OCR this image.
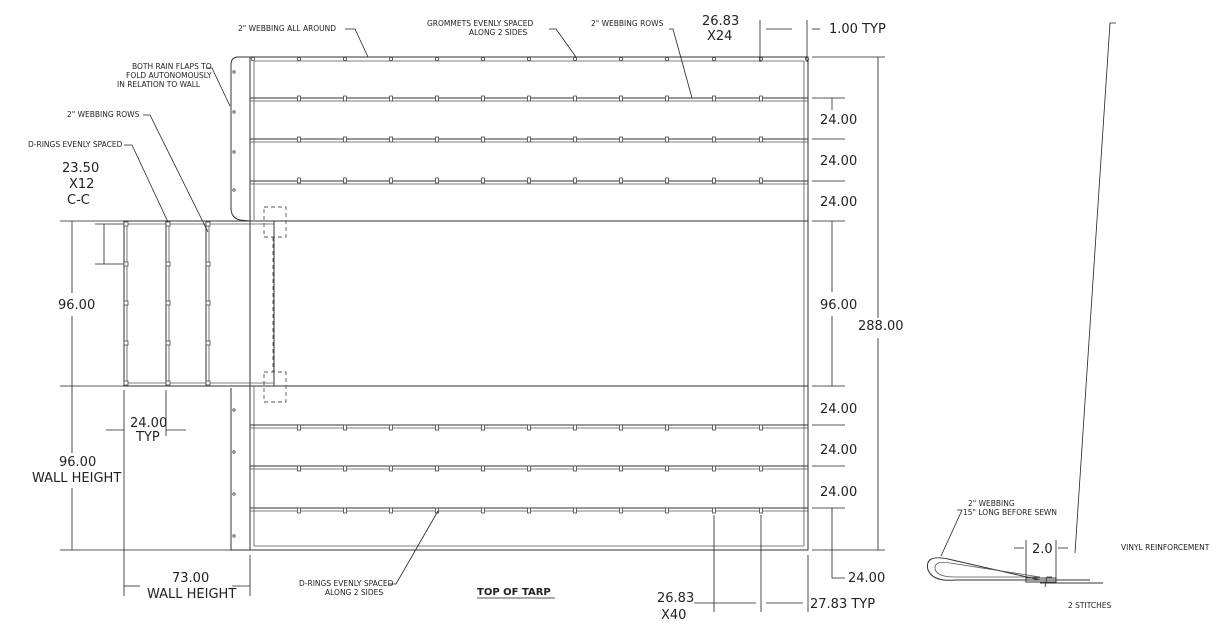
2" WEBBING ALL AROUND
GROMMETS EVENLY SPACED
ALONG 2 SIDES
2" WEBBING ROWS
BOTH RAIN FLAPS TO
FOLD AUTONOMOUSLY
IN RELATION TO WALL
2" WEBBING ROWS
D-RINGS EVENLY SPACED
D-RINGS EVENLY SPACED
ALONG 2 SIDES	TOP OF TARP
26.83
X24	1.00 TYP
23.50
X12
C-C
96.00
24.00
TYP
96.00
WALL HEIGHT
73.00
WALL HEIGHT
24.00
24.00
24.00
96.00
24.00
24.00
24.00
288.00
24.00
26.83
X40
27.83 TYP
2" WEBBING
15" LONG BEFORE SEWN
2.0	VINYL REINFORCEMENT
2 STITCHES
